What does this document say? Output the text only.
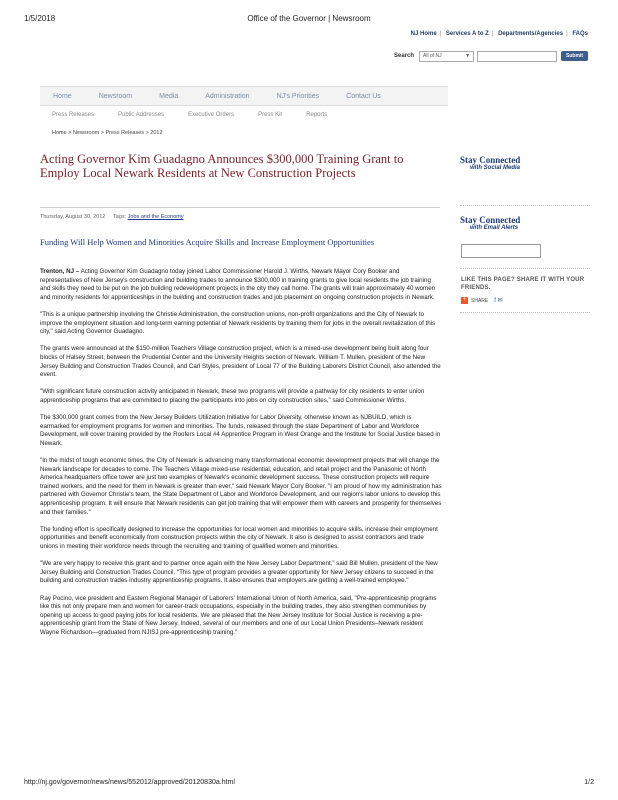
1/5/2018	Office of the Governor | Newsroom
NJ Home | Services A to Z | Departments/Agencies | FAQs
Search All of NJ	▼	Submit
Home	Newsroom	Media	Administration	NJ's Priorities	Contact Us
Press Releases	Public Addresses	Executive Orders	Press Kit	Reports
Home > Newsroom > Press Releases > 2012
Acting Governor Kim Guadagno Announces $300,000 Training Grant to Employ Local Newark Residents at New Construction Projects
Thursday, August 30, 2012 Tags: Jobs and the Economy
Funding Will Help Women and Minorities Acquire Skills and Increase Employment Opportunities

Trenton, NJ – Acting Governor Kim Guadagno today joined Labor Commissioner Harold J. Wirths, Newark Mayor Cory Booker and representatives of New Jersey's construction and building trades to announce $300,000 in training grants to give local residents the job training and skills they need to be put on the job building redevelopment projects in the city they call home. The grants will train approximately 40 women and minority residents for apprenticeships in the building and construction trades and job placement on ongoing construction projects in Newark.

"This is a unique partnership involving the Christie Administration, the construction unions, non-profit organizations and the City of Newark to improve the employment situation and long-term earning potential of Newark residents by training them for jobs in the overall revitalization of this city," said Acting Governor Guadagno.

The grants were announced at the $150-million Teachers Village construction project, which is a mixed-use development being built along four blocks of Halsey Street, between the Prudential Center and the University Heights section of Newark. William T. Mullen, president of the New Jersey Building and Construction Trades Council, and Carl Styles, president of Local 77 of the Building Laborers District Council, also attended the event.

"With significant future construction activity anticipated in Newark, these two programs will provide a pathway for city residents to enter union apprenticeship programs that are committed to placing the participants into jobs on city construction sites," said Commissioner Wirths.

The $300,000 grant comes from the New Jersey Builders Utilization Initiative for Labor Diversity, otherwise known as NJBUILD, which is earmarked for employment programs for women and minorities. The funds, released through the state Department of Labor and Workforce Development, will cover training provided by the Roofers Local #4 Apprentice Program in West Orange and the Institute for Social Justice based in Newark.

"In the midst of tough economic times, the City of Newark is advancing many transformational economic development projects that will change the Newark landscape for decades to come. The Teachers Village mixed-use residential, education, and retail project and the Panasonic of North America headquarters office tower are just two examples of Newark's economic development success. These construction projects will require trained workers, and the need for them in Newark is greater than ever," said Newark Mayor Cory Booker. "I am proud of how my administration has partnered with Governor Christie's team, the State Department of Labor and Workforce Development, and our region's labor unions to develop this apprenticeship program. It will ensure that Newark residents can get job training that will empower them with careers and prosperity for themselves and their families."

The funding effort is specifically designed to increase the opportunities for local women and minorities to acquire skills, increase their employment opportunities and benefit economically from construction projects within the city of Newark. It also is designed to assist contractors and trade unions in meeting their workforce needs through the recruiting and training of qualified women and minorities.

"We are very happy to receive this grant and to partner once again with the New Jersey Labor Department," said Bill Mullen, president of the New Jersey Building and Construction Trades Council. "This type of program provides a greater opportunity for New Jersey citizens to succeed in the building and construction trades industry apprenticeship programs. It also ensures that employers are getting a well-trained employee."

Ray Pocino, vice president and Eastern Regional Manager of Laborers' International Union of North America, said, "Pre-apprenticeship programs like this not only prepare men and women for career-track occupations, especially in the building trades, they also strengthen communities by opening up access to good paying jobs for local residents. We are pleased that the New Jersey Institute for Social Justice is receiving a pre-apprenticeship grant from the State of New Jersey. Indeed, several of our members and one of our Local Union Presidents–Newark resident Wayne Richardson—graduated from NJISJ pre-apprenticeship training."

Stay Connected
with Social Media
Stay Connected
with Email Alerts
LIKE THIS PAGE? SHARE IT WITH YOUR FRIENDS.
+ SHARE f ✉
http://nj.gov/governor/news/news/552012/approved/20120830a.html	1/2
